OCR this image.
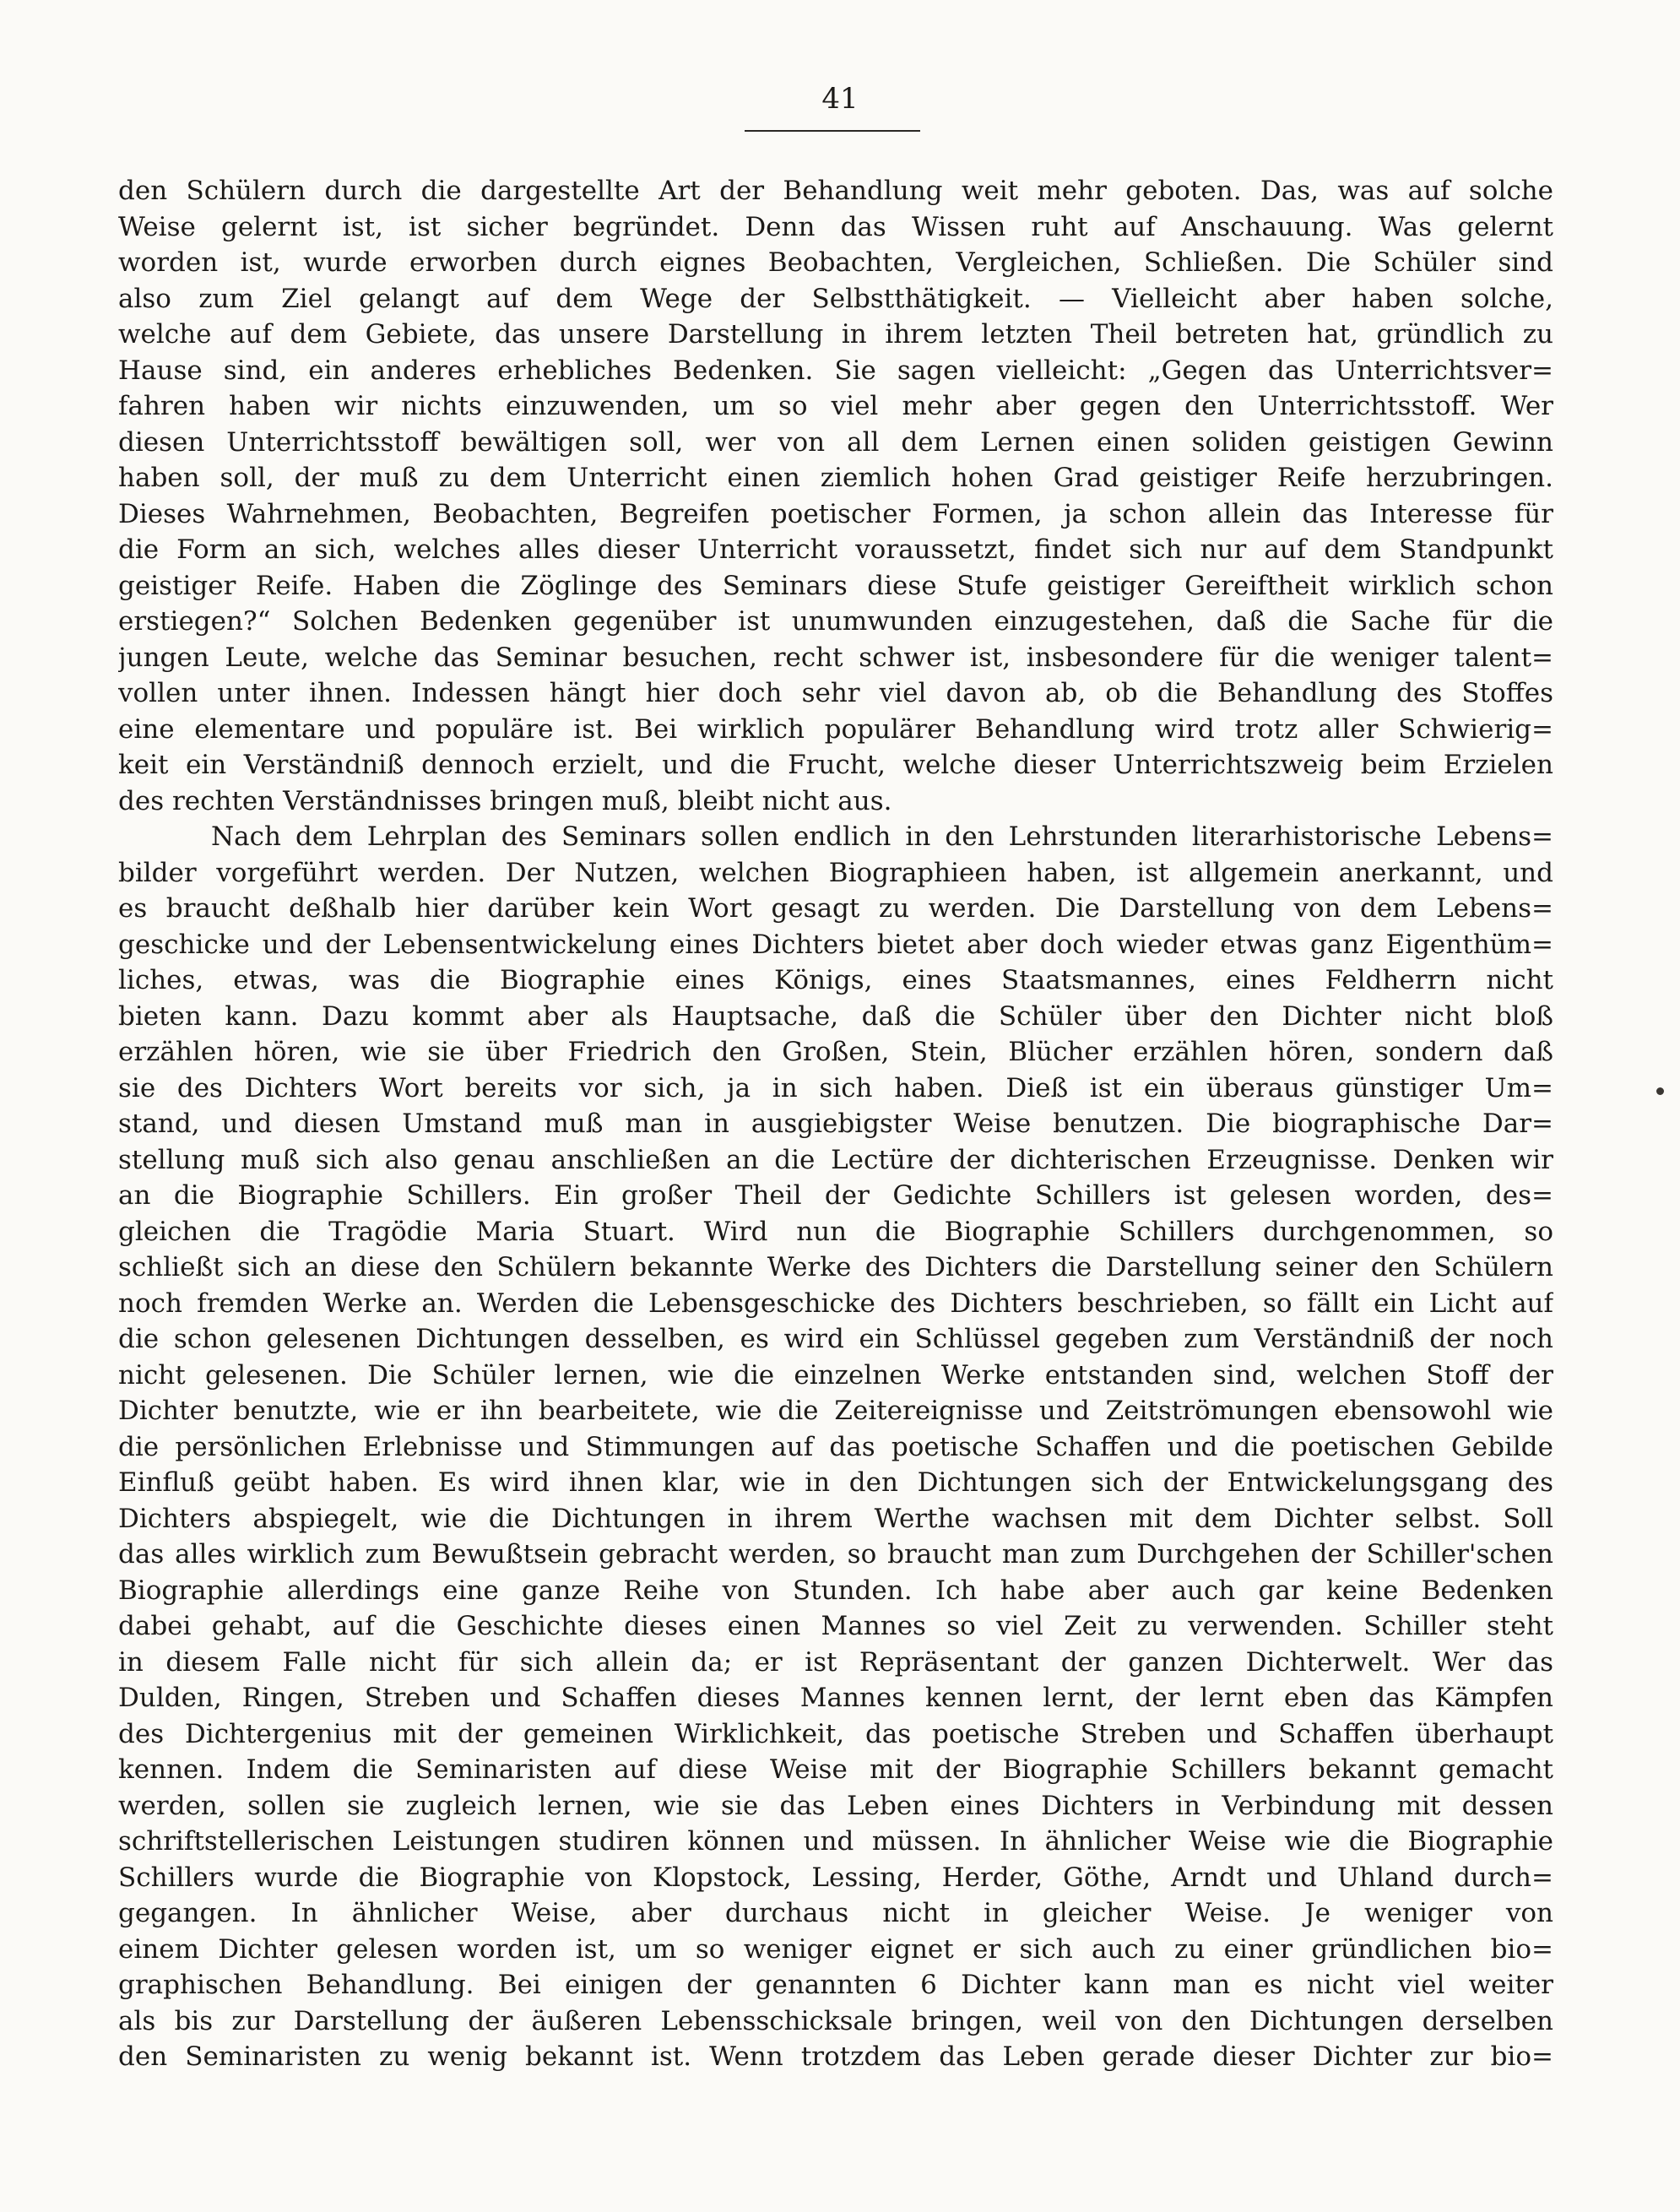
41
den Schülern durch die dargestellte Art der Behandlung weit mehr geboten. Das, was auf solche
Weise gelernt ist, ist sicher begründet. Denn das Wissen ruht auf Anschauung. Was gelernt
worden ist, wurde erworben durch eignes Beobachten, Vergleichen, Schließen. Die Schüler sind
also zum Ziel gelangt auf dem Wege der Selbstthätigkeit. — Vielleicht aber haben solche,
welche auf dem Gebiete, das unsere Darstellung in ihrem letzten Theil betreten hat, gründlich zu
Hause sind, ein anderes erhebliches Bedenken. Sie sagen vielleicht: „Gegen das Unterrichtsver=
fahren haben wir nichts einzuwenden, um so viel mehr aber gegen den Unterrichtsstoff. Wer
diesen Unterrichtsstoff bewältigen soll, wer von all dem Lernen einen soliden geistigen Gewinn
haben soll, der muß zu dem Unterricht einen ziemlich hohen Grad geistiger Reife herzubringen.
Dieses Wahrnehmen, Beobachten, Begreifen poetischer Formen, ja schon allein das Interesse für
die Form an sich, welches alles dieser Unterricht voraussetzt, findet sich nur auf dem Standpunkt
geistiger Reife. Haben die Zöglinge des Seminars diese Stufe geistiger Gereiftheit wirklich schon
erstiegen?“ Solchen Bedenken gegenüber ist unumwunden einzugestehen, daß die Sache für die
jungen Leute, welche das Seminar besuchen, recht schwer ist, insbesondere für die weniger talent=
vollen unter ihnen. Indessen hängt hier doch sehr viel davon ab, ob die Behandlung des Stoffes
eine elementare und populäre ist. Bei wirklich populärer Behandlung wird trotz aller Schwierig=
keit ein Verständniß dennoch erzielt, und die Frucht, welche dieser Unterrichtszweig beim Erzielen
des rechten Verständnisses bringen muß, bleibt nicht aus.
Nach dem Lehrplan des Seminars sollen endlich in den Lehrstunden literarhistorische Lebens=
bilder vorgeführt werden. Der Nutzen, welchen Biographieen haben, ist allgemein anerkannt, und
es braucht deßhalb hier darüber kein Wort gesagt zu werden. Die Darstellung von dem Lebens=
geschicke und der Lebensentwickelung eines Dichters bietet aber doch wieder etwas ganz Eigenthüm=
liches, etwas, was die Biographie eines Königs, eines Staatsmannes, eines Feldherrn nicht
bieten kann. Dazu kommt aber als Hauptsache, daß die Schüler über den Dichter nicht bloß
erzählen hören, wie sie über Friedrich den Großen, Stein, Blücher erzählen hören, sondern daß
sie des Dichters Wort bereits vor sich, ja in sich haben. Dieß ist ein überaus günstiger Um=
stand, und diesen Umstand muß man in ausgiebigster Weise benutzen. Die biographische Dar=
stellung muß sich also genau anschließen an die Lectüre der dichterischen Erzeugnisse. Denken wir
an die Biographie Schillers. Ein großer Theil der Gedichte Schillers ist gelesen worden, des=
gleichen die Tragödie Maria Stuart. Wird nun die Biographie Schillers durchgenommen, so
schließt sich an diese den Schülern bekannte Werke des Dichters die Darstellung seiner den Schülern
noch fremden Werke an. Werden die Lebensgeschicke des Dichters beschrieben, so fällt ein Licht auf
die schon gelesenen Dichtungen desselben, es wird ein Schlüssel gegeben zum Verständniß der noch
nicht gelesenen. Die Schüler lernen, wie die einzelnen Werke entstanden sind, welchen Stoff der
Dichter benutzte, wie er ihn bearbeitete, wie die Zeitereignisse und Zeitströmungen ebensowohl wie
die persönlichen Erlebnisse und Stimmungen auf das poetische Schaffen und die poetischen Gebilde
Einfluß geübt haben. Es wird ihnen klar, wie in den Dichtungen sich der Entwickelungsgang des
Dichters abspiegelt, wie die Dichtungen in ihrem Werthe wachsen mit dem Dichter selbst. Soll
das alles wirklich zum Bewußtsein gebracht werden, so braucht man zum Durchgehen der Schiller'schen
Biographie allerdings eine ganze Reihe von Stunden. Ich habe aber auch gar keine Bedenken
dabei gehabt, auf die Geschichte dieses einen Mannes so viel Zeit zu verwenden. Schiller steht
in diesem Falle nicht für sich allein da; er ist Repräsentant der ganzen Dichterwelt. Wer das
Dulden, Ringen, Streben und Schaffen dieses Mannes kennen lernt, der lernt eben das Kämpfen
des Dichtergenius mit der gemeinen Wirklichkeit, das poetische Streben und Schaffen überhaupt
kennen. Indem die Seminaristen auf diese Weise mit der Biographie Schillers bekannt gemacht
werden, sollen sie zugleich lernen, wie sie das Leben eines Dichters in Verbindung mit dessen
schriftstellerischen Leistungen studiren können und müssen. In ähnlicher Weise wie die Biographie
Schillers wurde die Biographie von Klopstock, Lessing, Herder, Göthe, Arndt und Uhland durch=
gegangen. In ähnlicher Weise, aber durchaus nicht in gleicher Weise. Je weniger von
einem Dichter gelesen worden ist, um so weniger eignet er sich auch zu einer gründlichen bio=
graphischen Behandlung. Bei einigen der genannten 6 Dichter kann man es nicht viel weiter
als bis zur Darstellung der äußeren Lebensschicksale bringen, weil von den Dichtungen derselben
den Seminaristen zu wenig bekannt ist. Wenn trotzdem das Leben gerade dieser Dichter zur bio=
